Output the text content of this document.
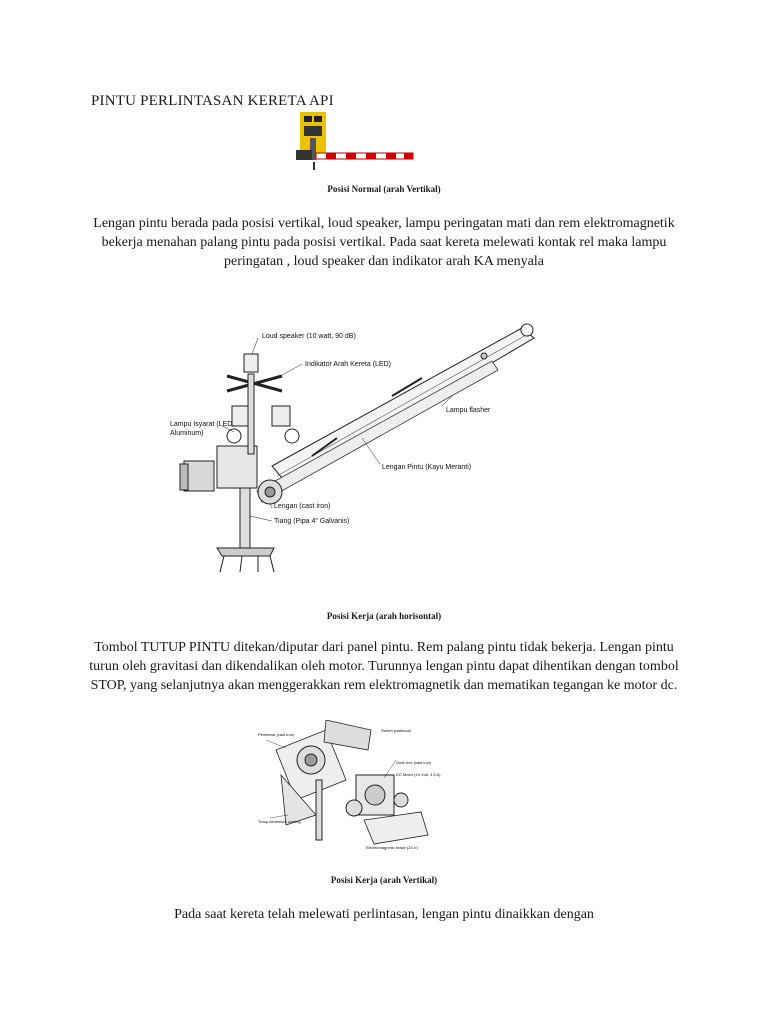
PINTU PERLINTASAN KERETA API
Posisi Normal (arah Vertikal)
Lengan pintu berada pada posisi vertikal, loud speaker, lampu peringatan mati dan rem elektromagnetik bekerja menahan palang pintu pada posisi vertikal. Pada saat kereta melewati kontak rel maka lampu peringatan , loud speaker dan indikator arah KA menyala
Loud speaker (10 watt, 90 dB)
Indikator Arah Kereta (LED)
Lampu Isyarat (LED,
Aluminum)
Lampu flasher
Lengan Pintu (Kayu Meranti)
Lengan (cast iron)
Tiang (Pipa 4" Galvanis)
Posisi Kerja (arah horisontal)
Tombol TUTUP PINTU ditekan/diputar dari panel pintu. Rem palang pintu tidak bekerja. Lengan pintu turun oleh gravitasi dan dikendalikan oleh motor. Turunnya lengan pintu dapat dihentikan dengan tombol STOP, yang selanjutnya akan menggerakkan rem elektromagnetik dan mematikan tegangan ke motor dc.
Pemberat (cast iron)
Tutup Aluminum casting
Gear box (cast iron)
DC Motor (24 Volt, 4.5 A)
Electromagnetic brake (24 V)
Switch positional
Posisi Kerja (arah Vertikal)
Pada saat kereta telah melewati perlintasan, lengan pintu dinaikkan dengan
